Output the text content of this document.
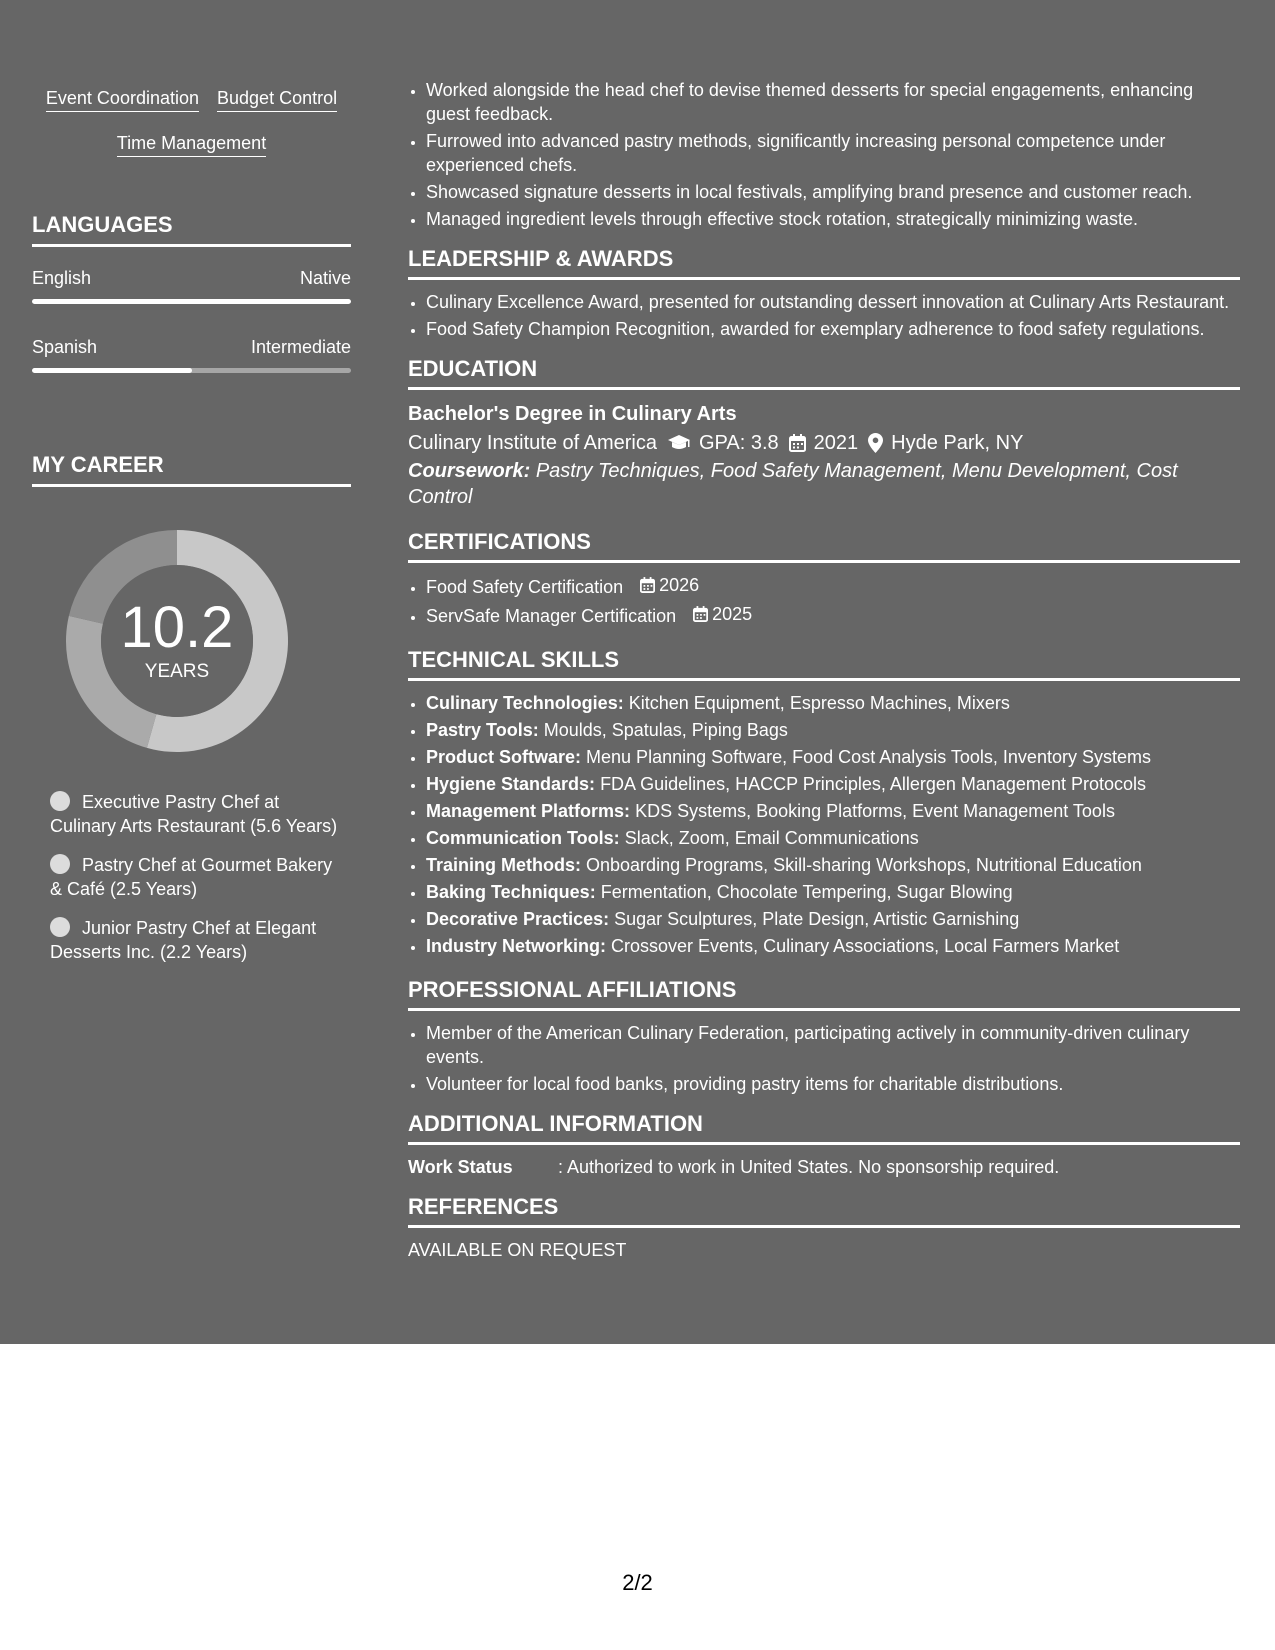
Event Coordination Budget Control
Time Management
LANGUAGES
English	Native
Spanish	Intermediate
MY CAREER
10.2
YEARS
Executive Pastry Chef at Culinary Arts Restaurant (5.6 Years)
Pastry Chef at Gourmet Bakery & Café (2.5 Years)
Junior Pastry Chef at Elegant Desserts Inc. (2.2 Years)
• Worked alongside the head chef to devise themed desserts for special engagements, enhancing guest feedback.
• Furrowed into advanced pastry methods, significantly increasing personal competence under experienced chefs.
• Showcased signature desserts in local festivals, amplifying brand presence and customer reach.
• Managed ingredient levels through effective stock rotation, strategically minimizing waste.
LEADERSHIP & AWARDS
• Culinary Excellence Award, presented for outstanding dessert innovation at Culinary Arts Restaurant.
• Food Safety Champion Recognition, awarded for exemplary adherence to food safety regulations.
EDUCATION
Bachelor's Degree in Culinary Arts
Culinary Institute of America GPA: 3.8 2021 Hyde Park, NY
Coursework: Pastry Techniques, Food Safety Management, Menu Development, Cost Control
CERTIFICATIONS
• Food Safety Certification 2026
• ServSafe Manager Certification 2025
TECHNICAL SKILLS
• Culinary Technologies: Kitchen Equipment, Espresso Machines, Mixers
• Pastry Tools: Moulds, Spatulas, Piping Bags
• Product Software: Menu Planning Software, Food Cost Analysis Tools, Inventory Systems
• Hygiene Standards: FDA Guidelines, HACCP Principles, Allergen Management Protocols
• Management Platforms: KDS Systems, Booking Platforms, Event Management Tools
• Communication Tools: Slack, Zoom, Email Communications
• Training Methods: Onboarding Programs, Skill-sharing Workshops, Nutritional Education
• Baking Techniques: Fermentation, Chocolate Tempering, Sugar Blowing
• Decorative Practices: Sugar Sculptures, Plate Design, Artistic Garnishing
• Industry Networking: Crossover Events, Culinary Associations, Local Farmers Market
PROFESSIONAL AFFILIATIONS
• Member of the American Culinary Federation, participating actively in community-driven culinary events.
• Volunteer for local food banks, providing pastry items for charitable distributions.
ADDITIONAL INFORMATION
Work Status	: Authorized to work in United States. No sponsorship required.
REFERENCES
AVAILABLE ON REQUEST
2/2
